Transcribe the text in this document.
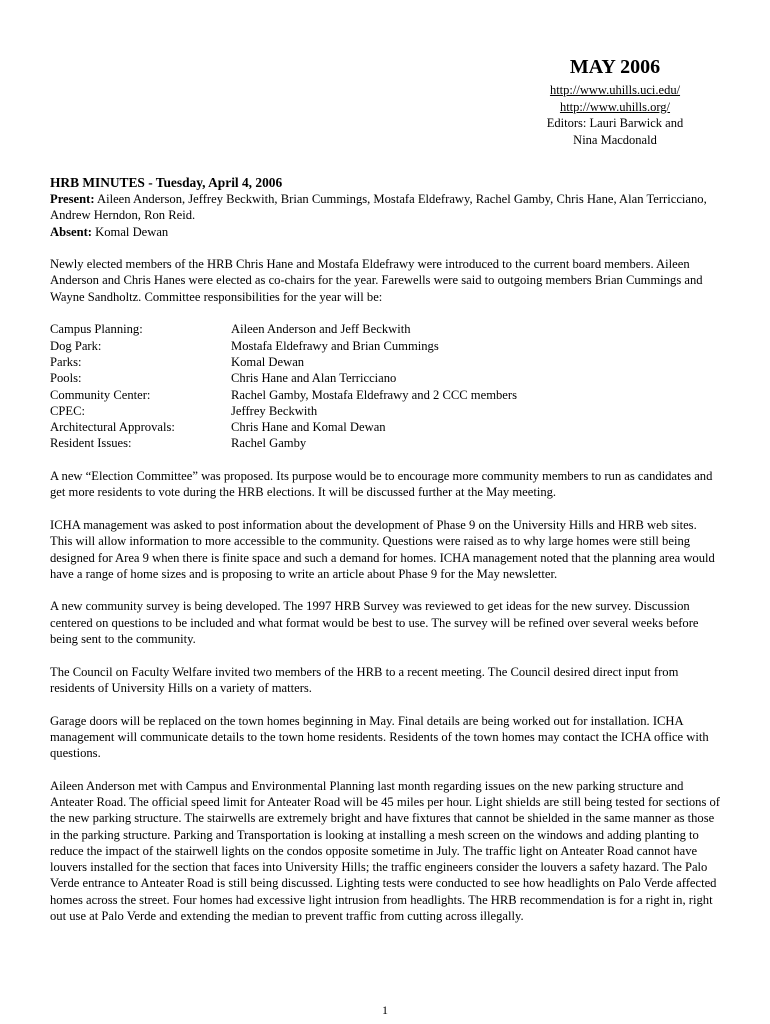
MAY 2006
http://www.uhills.uci.edu/
http://www.uhills.org/
Editors: Lauri Barwick and
Nina Macdonald
HRB MINUTES - Tuesday, April 4, 2006
Present: Aileen Anderson, Jeffrey Beckwith, Brian Cummings, Mostafa Eldefrawy, Rachel Gamby, Chris Hane, Alan Terricciano, Andrew Herndon, Ron Reid.
Absent: Komal Dewan

Newly elected members of the HRB Chris Hane and Mostafa Eldefrawy were introduced to the current board members. Aileen Anderson and Chris Hanes were elected as co-chairs for the year. Farewells were said to outgoing members Brian Cummings and Wayne Sandholtz. Committee responsibilities for the year will be:

Campus Planning:	Aileen Anderson and Jeff Beckwith
Dog Park:	Mostafa Eldefrawy and Brian Cummings
Parks:	Komal Dewan
Pools:	Chris Hane and Alan Terricciano
Community Center:	Rachel Gamby, Mostafa Eldefrawy and 2 CCC members
CPEC:	Jeffrey Beckwith
Architectural Approvals:	Chris Hane and Komal Dewan
Resident Issues:	Rachel Gamby

A new “Election Committee” was proposed. Its purpose would be to encourage more community members to run as candidates and get more residents to vote during the HRB elections. It will be discussed further at the May meeting.

ICHA management was asked to post information about the development of Phase 9 on the University Hills and HRB web sites. This will allow information to more accessible to the community. Questions were raised as to why large homes were still being designed for Area 9 when there is finite space and such a demand for homes. ICHA management noted that the planning area would have a range of home sizes and is proposing to write an article about Phase 9 for the May newsletter.

A new community survey is being developed. The 1997 HRB Survey was reviewed to get ideas for the new survey. Discussion centered on questions to be included and what format would be best to use. The survey will be refined over several weeks before being sent to the community.

The Council on Faculty Welfare invited two members of the HRB to a recent meeting. The Council desired direct input from residents of University Hills on a variety of matters.

Garage doors will be replaced on the town homes beginning in May. Final details are being worked out for installation. ICHA management will communicate details to the town home residents. Residents of the town homes may contact the ICHA office with questions.

Aileen Anderson met with Campus and Environmental Planning last month regarding issues on the new parking structure and Anteater Road. The official speed limit for Anteater Road will be 45 miles per hour. Light shields are still being tested for sections of the new parking structure. The stairwells are extremely bright and have fixtures that cannot be shielded in the same manner as those in the parking structure. Parking and Transportation is looking at installing a mesh screen on the windows and adding planting to reduce the impact of the stairwell lights on the condos opposite sometime in July. The traffic light on Anteater Road cannot have louvers installed for the section that faces into University Hills; the traffic engineers consider the louvers a safety hazard. The Palo Verde entrance to Anteater Road is still being discussed. Lighting tests were conducted to see how headlights on Palo Verde affected homes across the street. Four homes had excessive light intrusion from headlights. The HRB recommendation is for a right in, right out use at Palo Verde and extending the median to prevent traffic from cutting across illegally.

1
